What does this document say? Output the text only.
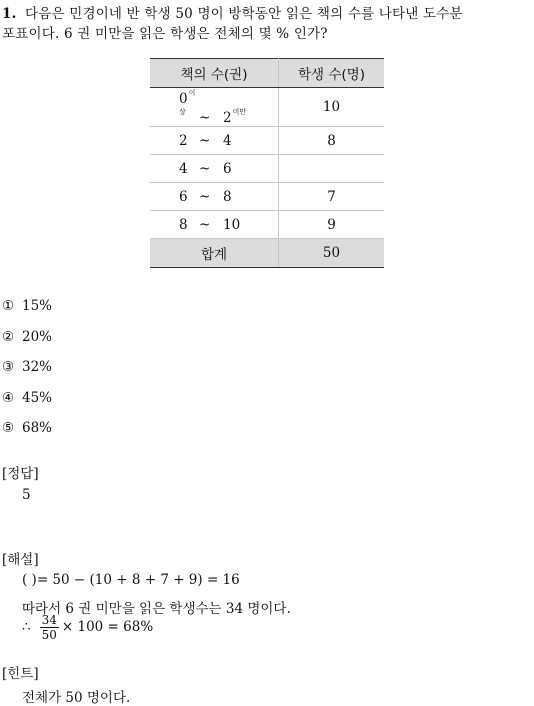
1. 다음은 민경이네 반 학생 50 명이 방학동안 읽은 책의 수를 나타낸 도수분
포표이다. 6 권 미만을 읽은 학생은 전체의 몇 % 인가?
책의 수(권)	학생 수(명)
$0^{이상}$ ~ $2^{미만}$	10
2 ~ 4	8
4 ~ 6	
6 ~ 8	7
8 ~ 10	9
합계	50
① 15%
② 20%
③ 32%
④ 45%
⑤ 68%
[정답]
5
[해설]
( )= 50 − (10 + 8 + 7 + 9) = 16
따라서 6 권 미만을 읽은 학생수는 34 명이다.
∴ $\frac{34}{50} \times 100 = 68\%$
[힌트]
전체가 50 명이다.
